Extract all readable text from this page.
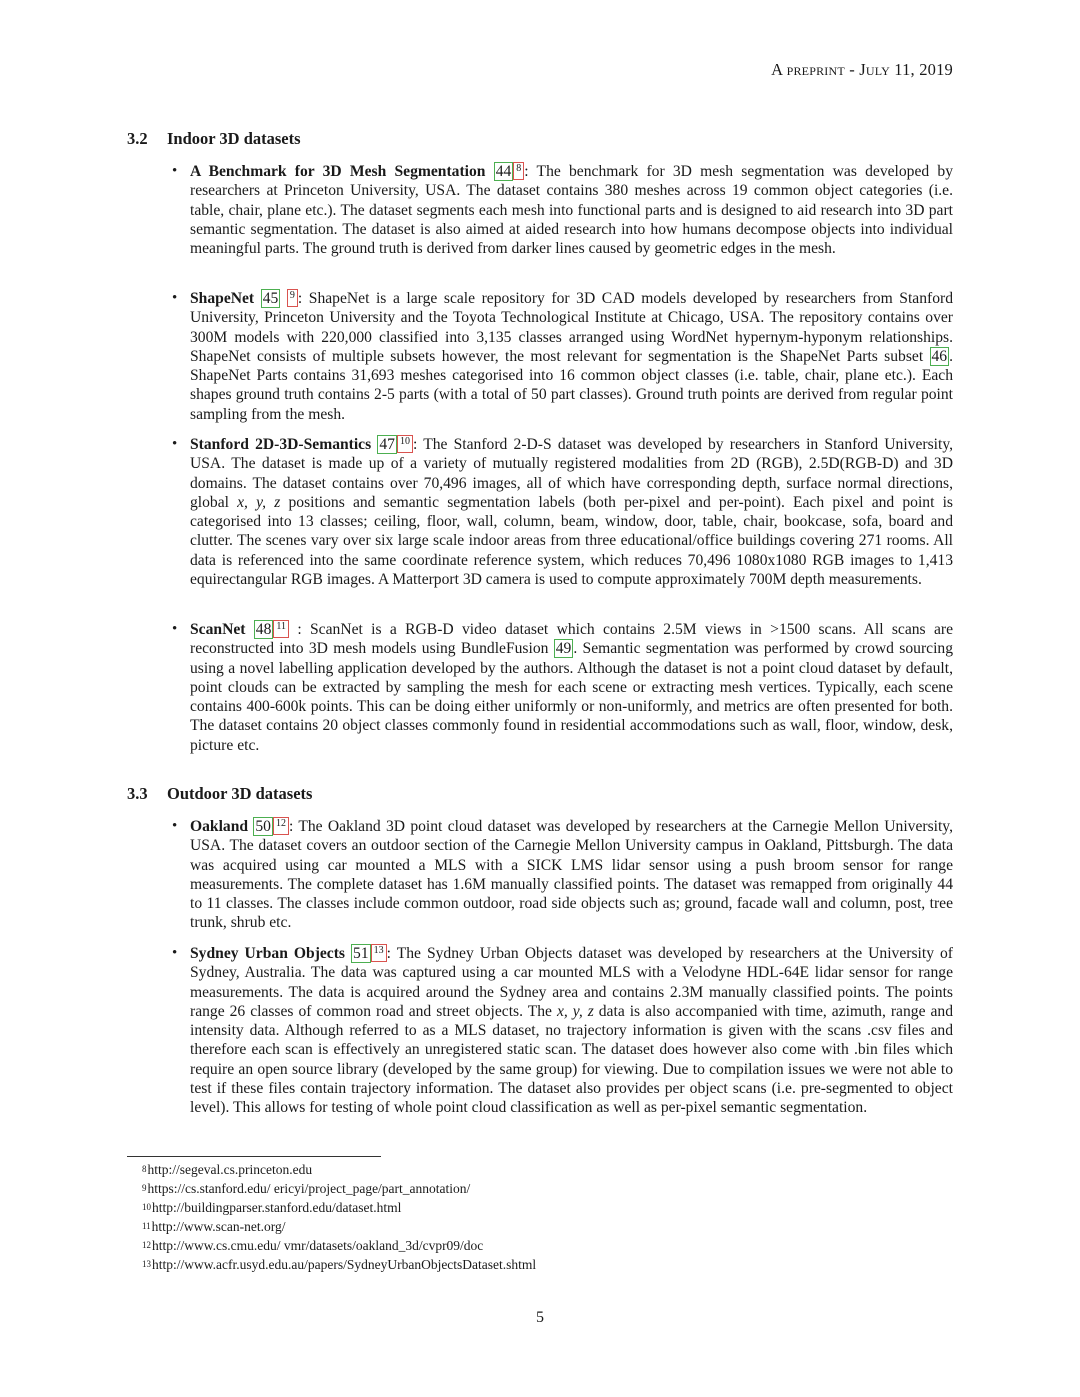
A preprint - July 11, 2019
3.2 Indoor 3D datasets
• A Benchmark for 3D Mesh Segmentation 44 8 : The benchmark for 3D mesh segmentation was developed by researchers at Princeton University, USA. The dataset contains 380 meshes across 19 common object categories (i.e. table, chair, plane etc.). The dataset segments each mesh into functional parts and is designed to aid research into 3D part semantic segmentation. The dataset is also aimed at aided research into how humans decompose objects into individual meaningful parts. The ground truth is derived from darker lines caused by geometric edges in the mesh.
• ShapeNet 45 9 : ShapeNet is a large scale repository for 3D CAD models developed by researchers from Stanford University, Princeton University and the Toyota Technological Institute at Chicago, USA. The repository contains over 300M models with 220,000 classified into 3,135 classes arranged using WordNet hypernym-hyponym relationships. ShapeNet consists of multiple subsets however, the most relevant for segmentation is the ShapeNet Parts subset 46 . ShapeNet Parts contains 31,693 meshes categorised into 16 common object classes (i.e. table, chair, plane etc.). Each shapes ground truth contains 2-5 parts (with a total of 50 part classes). Ground truth points are derived from regular point sampling from the mesh.
• Stanford 2D-3D-Semantics 47 10 : The Stanford 2-D-S dataset was developed by researchers in Stanford University, USA. The dataset is made up of a variety of mutually registered modalities from 2D (RGB), 2.5D(RGB-D) and 3D domains. The dataset contains over 70,496 images, all of which have corresponding depth, surface normal directions, global x, y, z positions and semantic segmentation labels (both per-pixel and per-point). Each pixel and point is categorised into 13 classes; ceiling, floor, wall, column, beam, window, door, table, chair, bookcase, sofa, board and clutter. The scenes vary over six large scale indoor areas from three educational/office buildings covering 271 rooms. All data is referenced into the same coordinate reference system, which reduces 70,496 1080x1080 RGB images to 1,413 equirectangular RGB images. A Matterport 3D camera is used to compute approximately 700M depth measurements.
• ScanNet 48 11 : ScanNet is a RGB-D video dataset which contains 2.5M views in >1500 scans. All scans are reconstructed into 3D mesh models using BundleFusion 49 . Semantic segmentation was performed by crowd sourcing using a novel labelling application developed by the authors. Although the dataset is not a point cloud dataset by default, point clouds can be extracted by sampling the mesh for each scene or extracting mesh vertices. Typically, each scene contains 400-600k points. This can be doing either uniformly or non-uniformly, and metrics are often presented for both. The dataset contains 20 object classes commonly found in residential accommodations such as wall, floor, window, desk, picture etc.
3.3 Outdoor 3D datasets
• Oakland 50 12 : The Oakland 3D point cloud dataset was developed by researchers at the Carnegie Mellon University, USA. The dataset covers an outdoor section of the Carnegie Mellon University campus in Oakland, Pittsburgh. The data was acquired using car mounted a MLS with a SICK LMS lidar sensor using a push broom sensor for range measurements. The complete dataset has 1.6M manually classified points. The dataset was remapped from originally 44 to 11 classes. The classes include common outdoor, road side objects such as; ground, facade wall and column, post, tree trunk, shrub etc.
• Sydney Urban Objects 51 13 : The Sydney Urban Objects dataset was developed by researchers at the University of Sydney, Australia. The data was captured using a car mounted MLS with a Velodyne HDL-64E lidar sensor for range measurements. The data is acquired around the Sydney area and contains 2.3M manually classified points. The points range 26 classes of common road and street objects. The x, y, z data is also accompanied with time, azimuth, range and intensity data. Although referred to as a MLS dataset, no trajectory information is given with the scans .csv files and therefore each scan is effectively an unregistered static scan. The dataset does however also come with .bin files which require an open source library (developed by the same group) for viewing. Due to compilation issues we were not able to test if these files contain trajectory information. The dataset also provides per object scans (i.e. pre-segmented to object level). This allows for testing of whole point cloud classification as well as per-pixel semantic segmentation.
$^8$http://segeval.cs.princeton.edu
$^9$https://cs.stanford.edu/ ericyi/project_page/part_annotation/
$^{10}$http://buildingparser.stanford.edu/dataset.html
$^{11}$http://www.scan-net.org/
$^{12}$http://www.cs.cmu.edu/ vmr/datasets/oakland_3d/cvpr09/doc
$^{13}$http://www.acfr.usyd.edu.au/papers/SydneyUrbanObjectsDataset.shtml
5
